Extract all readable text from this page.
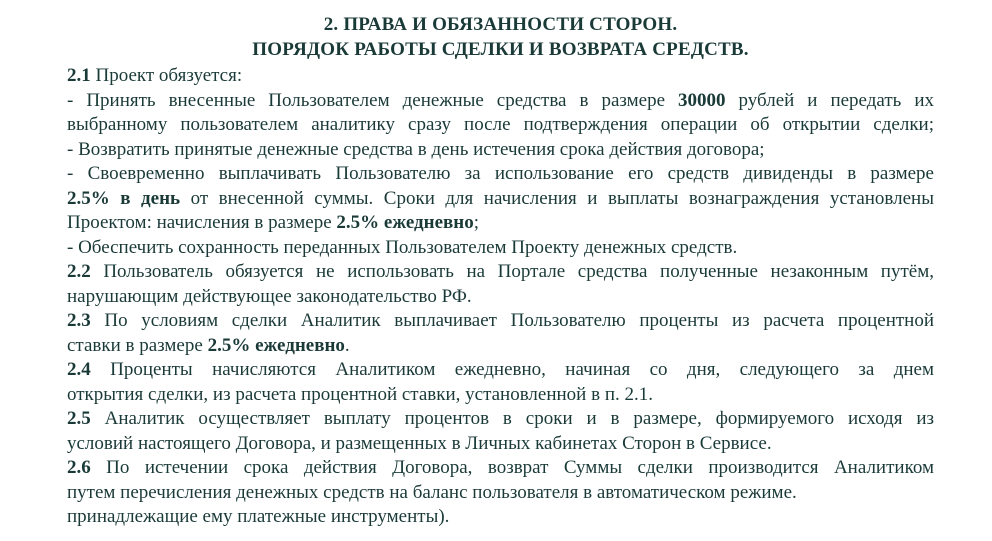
2. ПРАВА И ОБЯЗАННОСТИ СТОРОН.
ПОРЯДОК РАБОТЫ СДЕЛКИ И ВОЗВРАТА СРЕДСТВ.
2.1 Проект обязуется:
- Принять внесенные Пользователем денежные средства в размере 30000 рублей и передать их
выбранному пользователем аналитику сразу после подтверждения операции об открытии сделки;
- Возвратить принятые денежные средства в день истечения срока действия договора;
- Своевременно выплачивать Пользователю за использование его средств дивиденды в размере
2.5% в день от внесенной суммы. Сроки для начисления и выплаты вознаграждения установлены
Проектом: начисления в размере 2.5% ежедневно;
- Обеспечить сохранность переданных Пользователем Проекту денежных средств.
2.2 Пользователь обязуется не использовать на Портале средства полученные незаконным путём,
нарушающим действующее законодательство РФ.
2.3 По условиям сделки Аналитик выплачивает Пользователю проценты из расчета процентной
ставки в размере 2.5% ежедневно.
2.4 Проценты начисляются Аналитиком ежедневно, начиная со дня, следующего за днем
открытия сделки, из расчета процентной ставки, установленной в п. 2.1.
2.5 Аналитик осуществляет выплату процентов в сроки и в размере, формируемого исходя из
условий настоящего Договора, и размещенных в Личных кабинетах Сторон в Сервисе.
2.6 По истечении срока действия Договора, возврат Суммы сделки производится Аналитиком
путем перечисления денежных средств на баланс пользователя в автоматическом режиме.
принадлежащие ему платежные инструменты).
